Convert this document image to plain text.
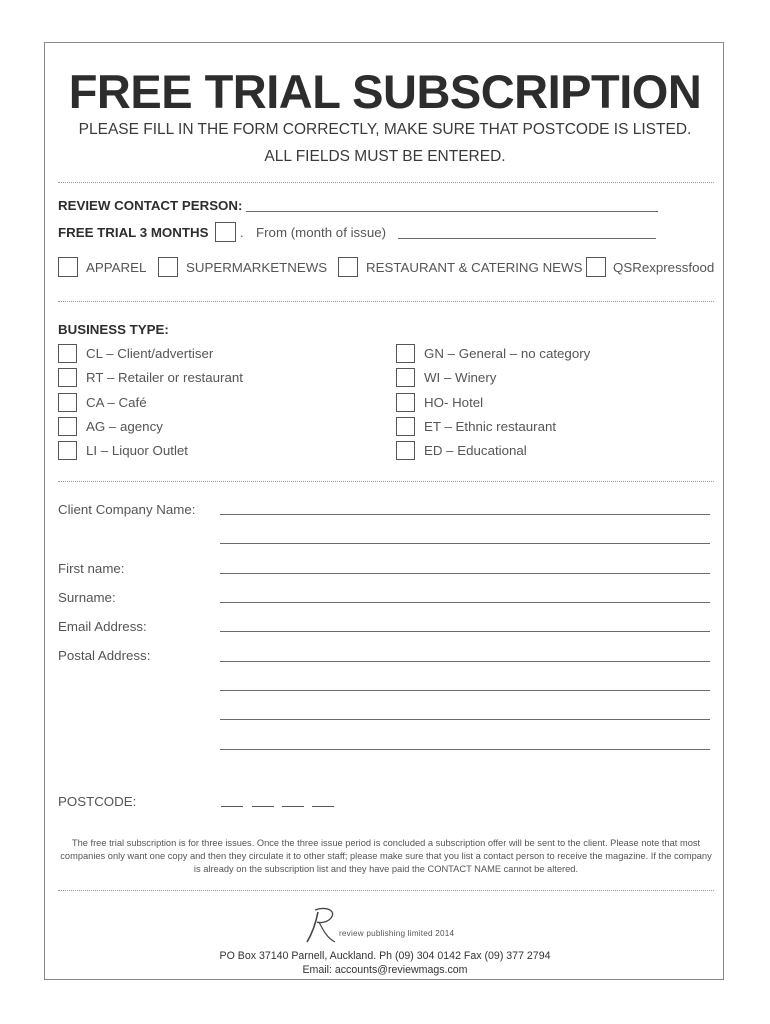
FREE TRIAL SUBSCRIPTION
PLEASE FILL IN THE FORM CORRECTLY, MAKE SURE THAT POSTCODE IS LISTED.
ALL FIELDS MUST BE ENTERED.
REVIEW CONTACT PERSON:
FREE TRIAL 3 MONTHS . From (month of issue)
APPAREL	SUPERMARKETNEWS	RESTAURANT & CATERING NEWS QSRexpressfood
BUSINESS TYPE:
CL – Client/advertiser
RT – Retailer or restaurant
CA – Café
AG – agency
LI – Liquor Outlet
GN – General – no category
WI – Winery
HO- Hotel
ET – Ethnic restaurant
ED – Educational
Client Company Name:
First name:
Surname:
Email Address:
Postal Address:
POSTCODE:
The free trial subscription is for three issues. Once the three issue period is concluded a subscription offer will be sent to the client. Please note that most companies only want one copy and then they circulate it to other staff; please make sure that you list a contact person to receive the magazine. If the company is already on the subscription list and they have paid the CONTACT NAME cannot be altered.
R
review publishing limited 2014
PO Box 37140 Parnell, Auckland. Ph (09) 304 0142 Fax (09) 377 2794
Email: accounts@reviewmags.com
